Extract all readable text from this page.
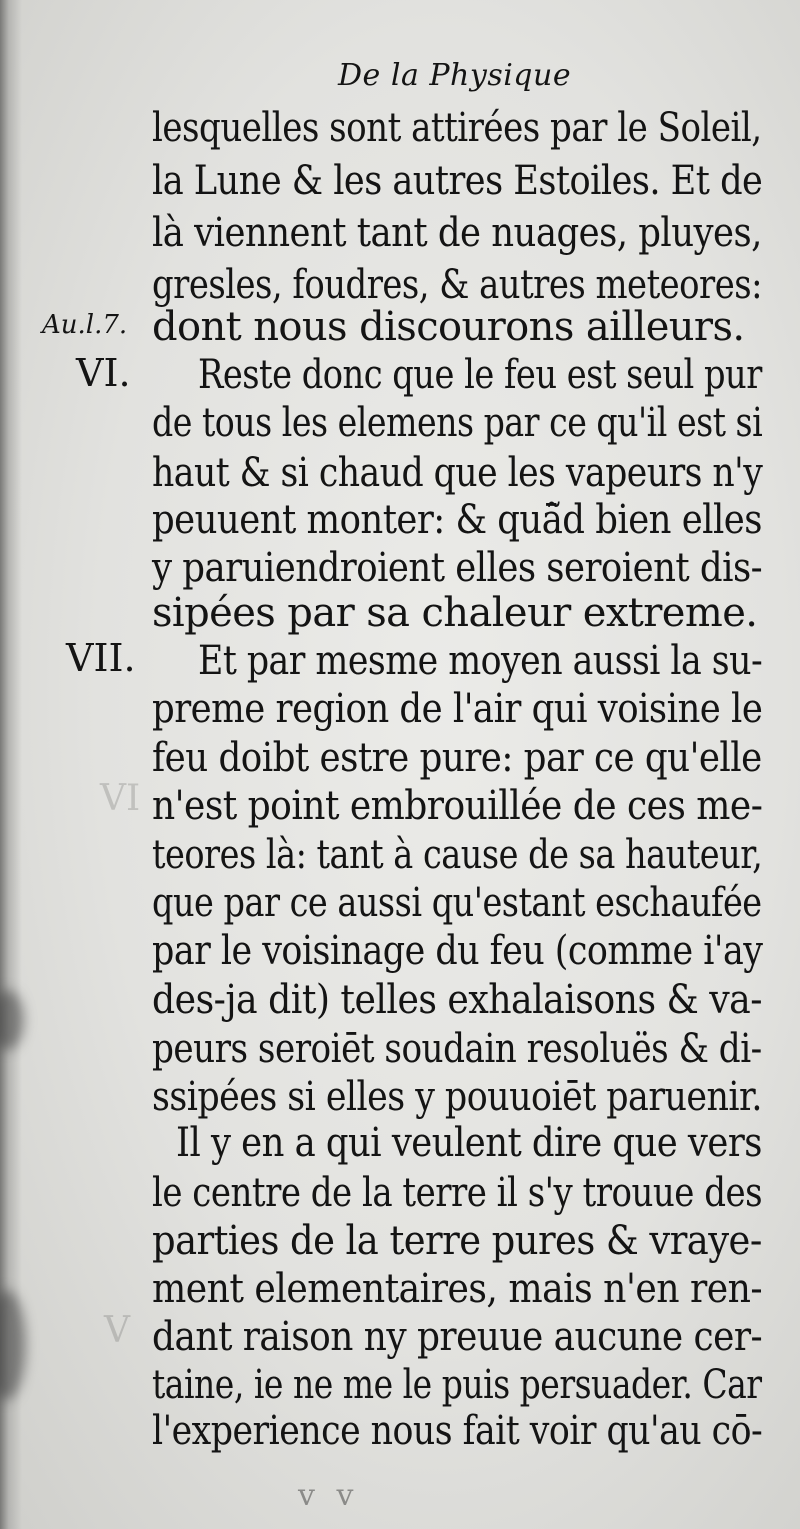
VI
V
De la Physique
Au.l.7.
VI.
VII.
lesquelles sont attirées par le Soleil,
la Lune & les autres Estoiles. Et de
là viennent tant de nuages, pluyes,
gresles, foudres, & autres meteores:
dont nous discourons ailleurs.
Reste donc que le feu est seul pur
de tous les elemens par ce qu'il est si
haut & si chaud que les vapeurs n'y
peuuent monter: & quā̃d bien elles
y paruiendroient elles seroient dis-
sipées par sa chaleur extreme.
Et par mesme moyen aussi la su-
preme region de l'air qui voisine le
feu doibt estre pure: par ce qu'elle
n'est point embrouillée de ces me-
teores là: tant à cause de sa hauteur,
que par ce aussi qu'estant eschaufée
par le voisinage du feu (comme i'ay
des-ja dit) telles exhalaisons & va-
peurs seroiēt soudain resoluës & di-
ssipées si elles y pouuoiēt paruenir.
Il y en a qui veulent dire que vers
le centre de la terre il s'y trouue des
parties de la terre pures & vraye-
ment elementaires, mais n'en ren-
dant raison ny preuue aucune cer-
taine, ie ne me le puis persuader. Car
l'experience nous fait voir qu'au cō-
v v
